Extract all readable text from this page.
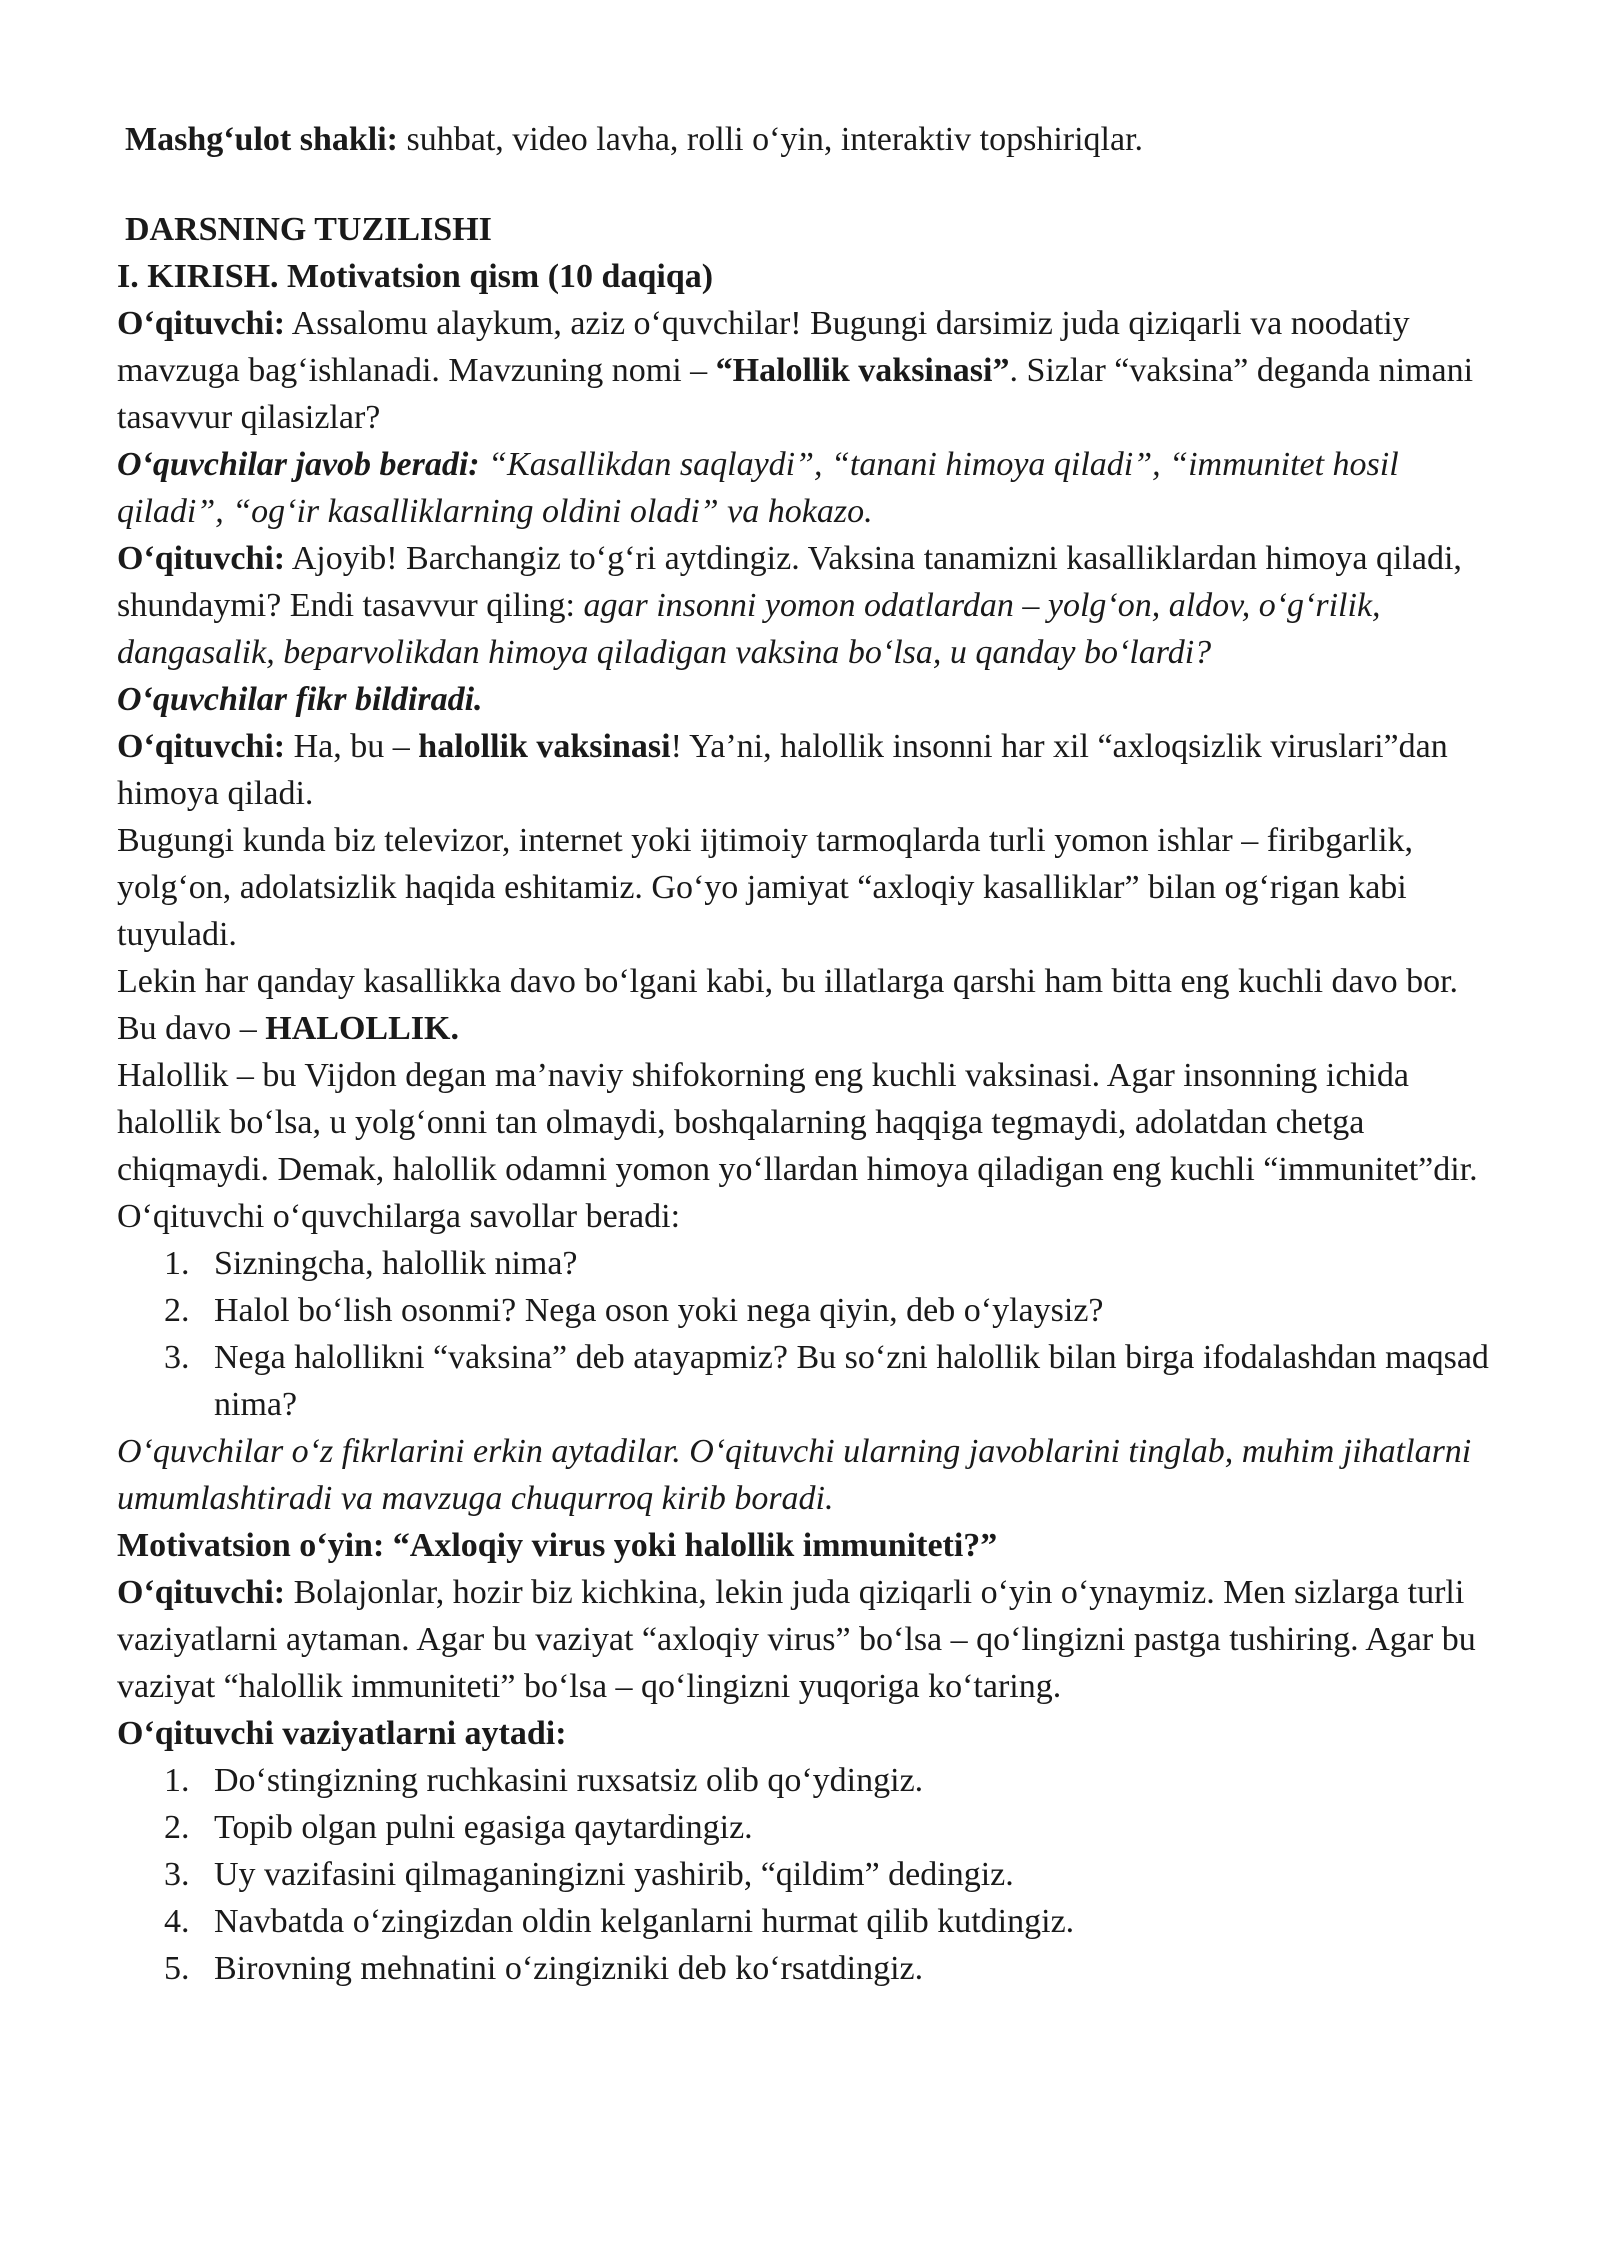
Mashg‘ulot shakli: suhbat, video lavha, rolli o‘yin, interaktiv topshiriqlar.

DARSNING TUZILISHI

I. KIRISH. Motivatsion qism (10 daqiqa)

O‘qituvchi: Assalomu alaykum, aziz o‘quvchilar! Bugungi darsimiz juda qiziqarli va noodatiy mavzuga bag‘ishlanadi. Mavzuning nomi – “Halollik vaksinasi”. Sizlar “vaksina” deganda nimani tasavvur qilasizlar?

O‘quvchilar javob beradi: “Kasallikdan saqlaydi”, “tanani himoya qiladi”, “immunitet hosil qiladi”, “og‘ir kasalliklarning oldini oladi” va hokazo.

O‘qituvchi: Ajoyib! Barchangiz to‘g‘ri aytdingiz. Vaksina tanamizni kasalliklardan himoya qiladi, shundaymi? Endi tasavvur qiling: agar insonni yomon odatlardan – yolg‘on, aldov, o‘g‘rilik, dangasalik, beparvolikdan himoya qiladigan vaksina bo‘lsa, u qanday bo‘lardi?

O‘quvchilar fikr bildiradi.

O‘qituvchi: Ha, bu – halollik vaksinasi! Ya’ni, halollik insonni har xil “axloqsizlik viruslari”dan himoya qiladi.

Bugungi kunda biz televizor, internet yoki ijtimoiy tarmoqlarda turli yomon ishlar – firibgarlik, yolg‘on, adolatsizlik haqida eshitamiz. Go‘yo jamiyat “axloqiy kasalliklar” bilan og‘rigan kabi tuyuladi.

Lekin har qanday kasallikka davo bo‘lgani kabi, bu illatlarga qarshi ham bitta eng kuchli davo bor. Bu davo – HALOLLIK.

Halollik – bu Vijdon degan ma’naviy shifokorning eng kuchli vaksinasi. Agar insonning ichida halollik bo‘lsa, u yolg‘onni tan olmaydi, boshqalarning haqqiga tegmaydi, adolatdan chetga chiqmaydi. Demak, halollik odamni yomon yo‘llardan himoya qiladigan eng kuchli “immunitet”dir.

O‘qituvchi o‘quvchilarga savollar beradi:

1. Sizningcha, halollik nima?
2. Halol bo‘lish osonmi? Nega oson yoki nega qiyin, deb o‘ylaysiz?
3. Nega halollikni “vaksina” deb atayapmiz? Bu so‘zni halollik bilan birga ifodalashdan maqsad nima?

O‘quvchilar o‘z fikrlarini erkin aytadilar. O‘qituvchi ularning javoblarini tinglab, muhim jihatlarni umumlashtiradi va mavzuga chuqurroq kirib boradi.

Motivatsion o‘yin: “Axloqiy virus yoki halollik immuniteti?”

O‘qituvchi: Bolajonlar, hozir biz kichkina, lekin juda qiziqarli o‘yin o‘ynaymiz. Men sizlarga turli vaziyatlarni aytaman. Agar bu vaziyat “axloqiy virus” bo‘lsa – qo‘lingizni pastga tushiring. Agar bu vaziyat “halollik immuniteti” bo‘lsa – qo‘lingizni yuqoriga ko‘taring.

O‘qituvchi vaziyatlarni aytadi:

1. Do‘stingizning ruchkasini ruxsatsiz olib qo‘ydingiz.
2. Topib olgan pulni egasiga qaytardingiz.
3. Uy vazifasini qilmaganingizni yashirib, “qildim” dedingiz.
4. Navbatda o‘zingizdan oldin kelganlarni hurmat qilib kutdingiz.
5. Birovning mehnatini o‘zingizniki deb ko‘rsatdingiz.
